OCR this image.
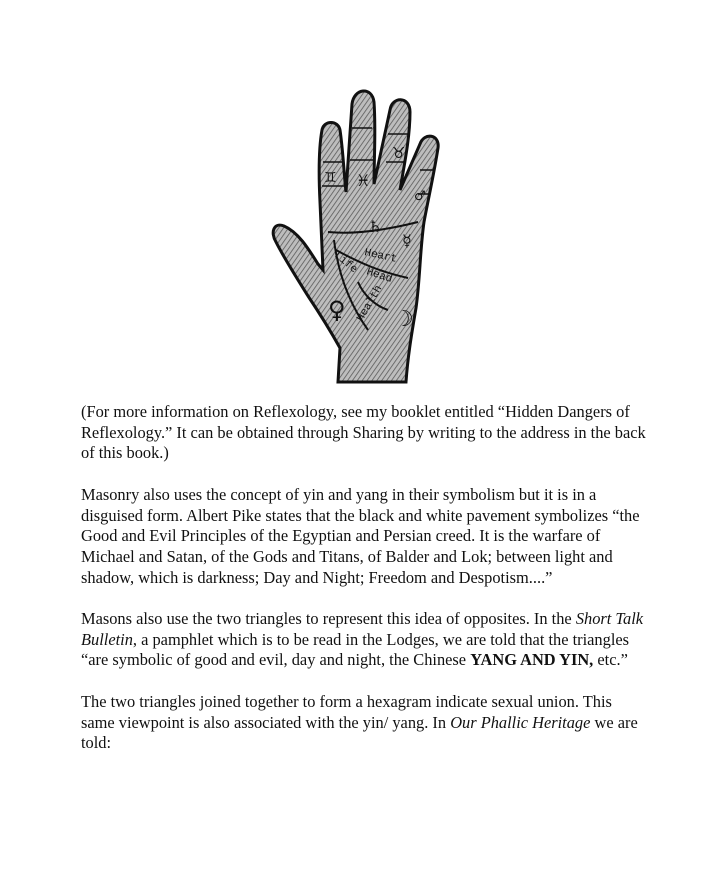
Heart
Head
Life
Health
♀
☿
☽
♄
♂
♉
♊ ♓

(For more information on Reflexology, see my booklet entitled “Hidden Dangers of Reflexology.” It can be obtained through Sharing by writing to the address in the back of this book.)

Masonry also uses the concept of yin and yang in their symbolism but it is in a disguised form. Albert Pike states that the black and white pavement symbolizes “the Good and Evil Principles of the Egyptian and Persian creed. It is the warfare of Michael and Satan, of the Gods and Titans, of Balder and Lok; between light and shadow, which is darkness; Day and Night; Freedom and Despotism....”

Masons also use the two triangles to represent this idea of opposites. In the Short Talk Bulletin, a pamphlet which is to be read in the Lodges, we are told that the triangles “are symbolic of good and evil, day and night, the Chinese YANG AND YIN, etc.”

The two triangles joined together to form a hexagram indicate sexual union. This same viewpoint is also associated with the yin/ yang. In Our Phallic Heritage we are told:
